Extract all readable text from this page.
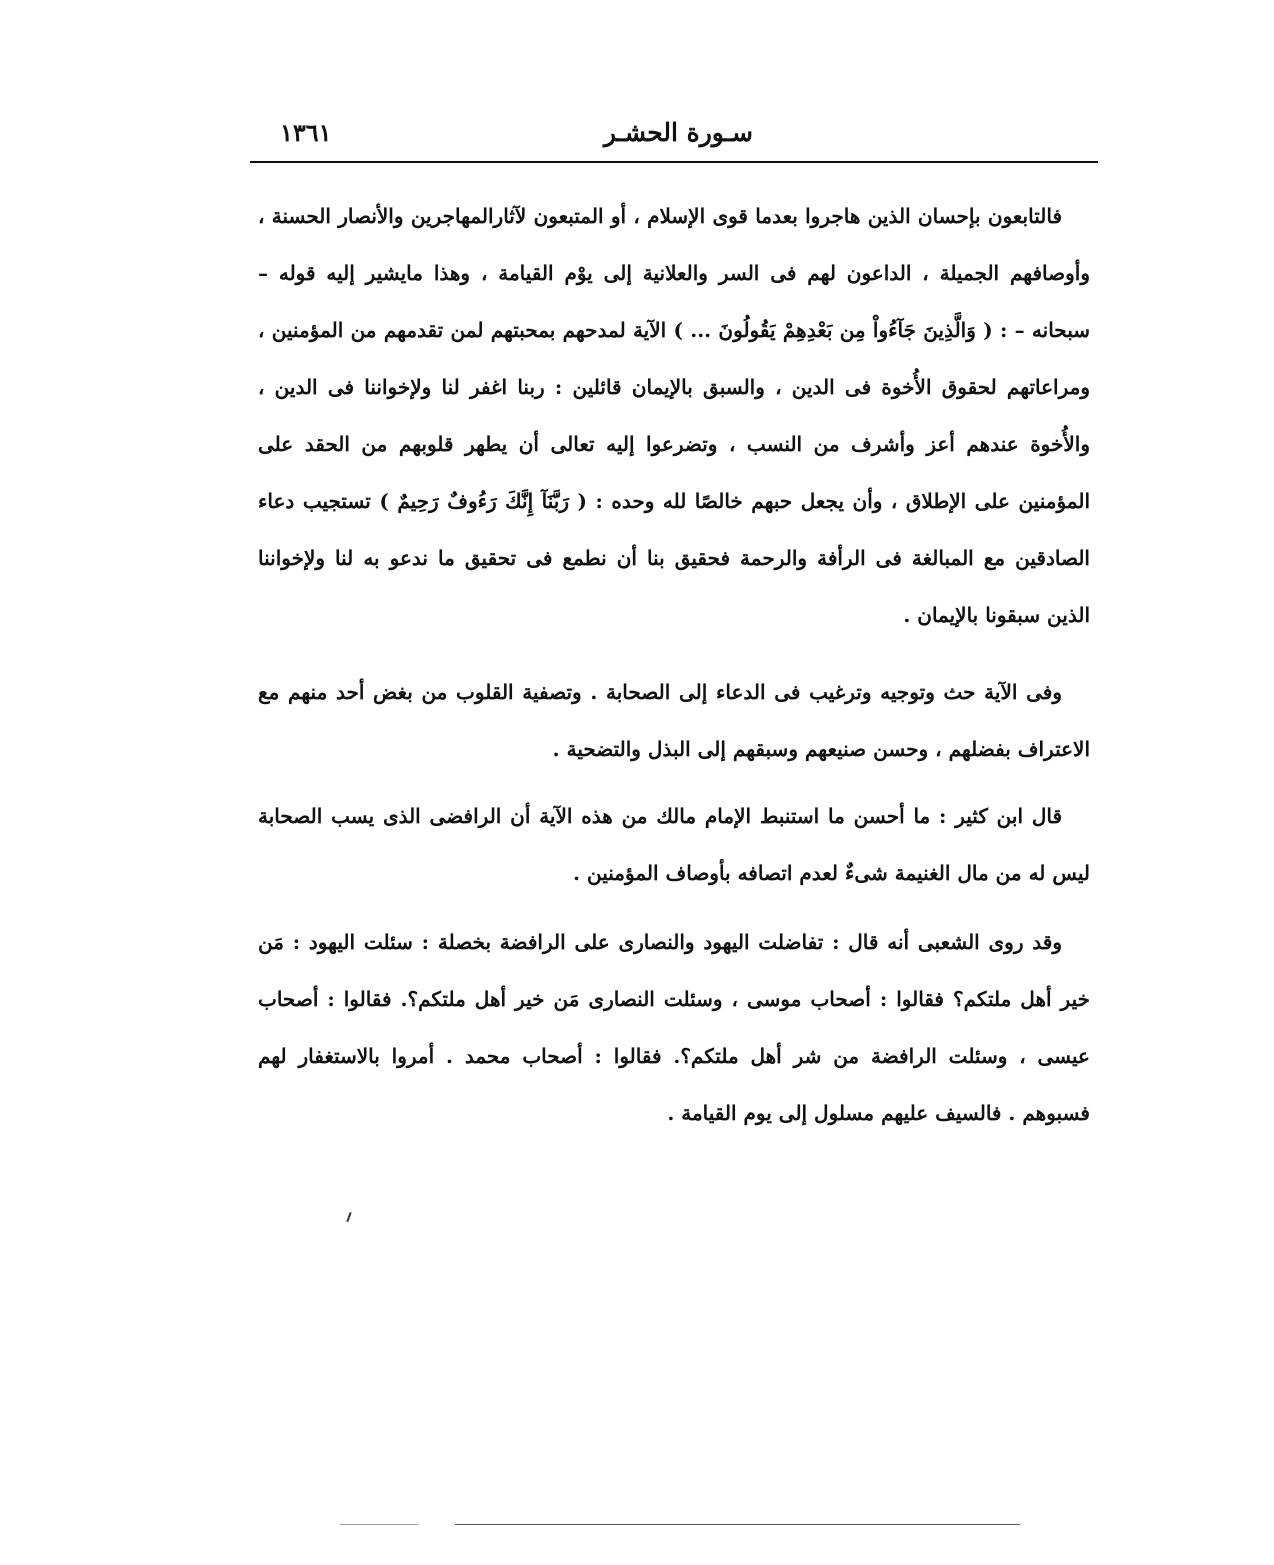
سـورة الحشـر
١٣٦١

فالتابعون بإحسان الذين هاجروا بعدما قوى الإسلام ، أو المتبعون لآثارالمهاجرين والأنصار الحسنة ، وأوصافهم الجميلة ، الداعون لهم فى السر والعلانية إلى يوْم القيامة ، وهذا مايشير إليه قوله – سبحانه – : ( وَالَّذِينَ جَآءُواْ مِن بَعْدِهِمْ يَقُولُونَ ... ) الآية لمدحهم بمحبتهم لمن تقدمهم من المؤمنين ، ومراعاتهم لحقوق الأُخوة فى الدين ، والسبق بالإيمان قائلين : ربنا اغفر لنا ولإخواننا فى الدين ، والأُخوة عندهم أعز وأشرف من النسب ، وتضرعوا إليه تعالى أن يطهر قلوبهم من الحقد على المؤمنين على الإطلاق ، وأن يجعل حبهم خالصًا لله وحده : ( رَبَّنَآ إِنَّكَ رَءُوفٌ رَحِيمٌ ) تستجيب دعاء الصادقين مع المبالغة فى الرأفة والرحمة فحقيق بنا أن نطمع فى تحقيق ما ندعو به لنا ولإخواننا الذين سبقونا بالإيمان .

وفى الآية حث وتوجيه وترغيب فى الدعاء إلى الصحابة . وتصفية القلوب من بغض أحد منهم مع الاعتراف بفضلهم ، وحسن صنيعهم وسبقهم إلى البذل والتضحية .

قال ابن كثير : ما أحسن ما استنبط الإمام مالك من هذه الآية أن الرافضى الذى يسب الصحابة ليس له من مال الغنيمة شىءٌ لعدم اتصافه بأوصاف المؤمنين .

وقد روى الشعبى أنه قال : تفاضلت اليهود والنصارى على الرافضة بخصلة : سئلت اليهود : مَن خير أهل ملتكم؟ فقالوا : أصحاب موسى ، وسئلت النصارى مَن خير أهل ملتكم؟. فقالوا : أصحاب عيسى ، وسئلت الرافضة من شر أهل ملتكم؟. فقالوا : أصحاب محمد . أمروا بالاستغفار لهم فسبوهم . فالسيف عليهم مسلول إلى يوم القيامة .
